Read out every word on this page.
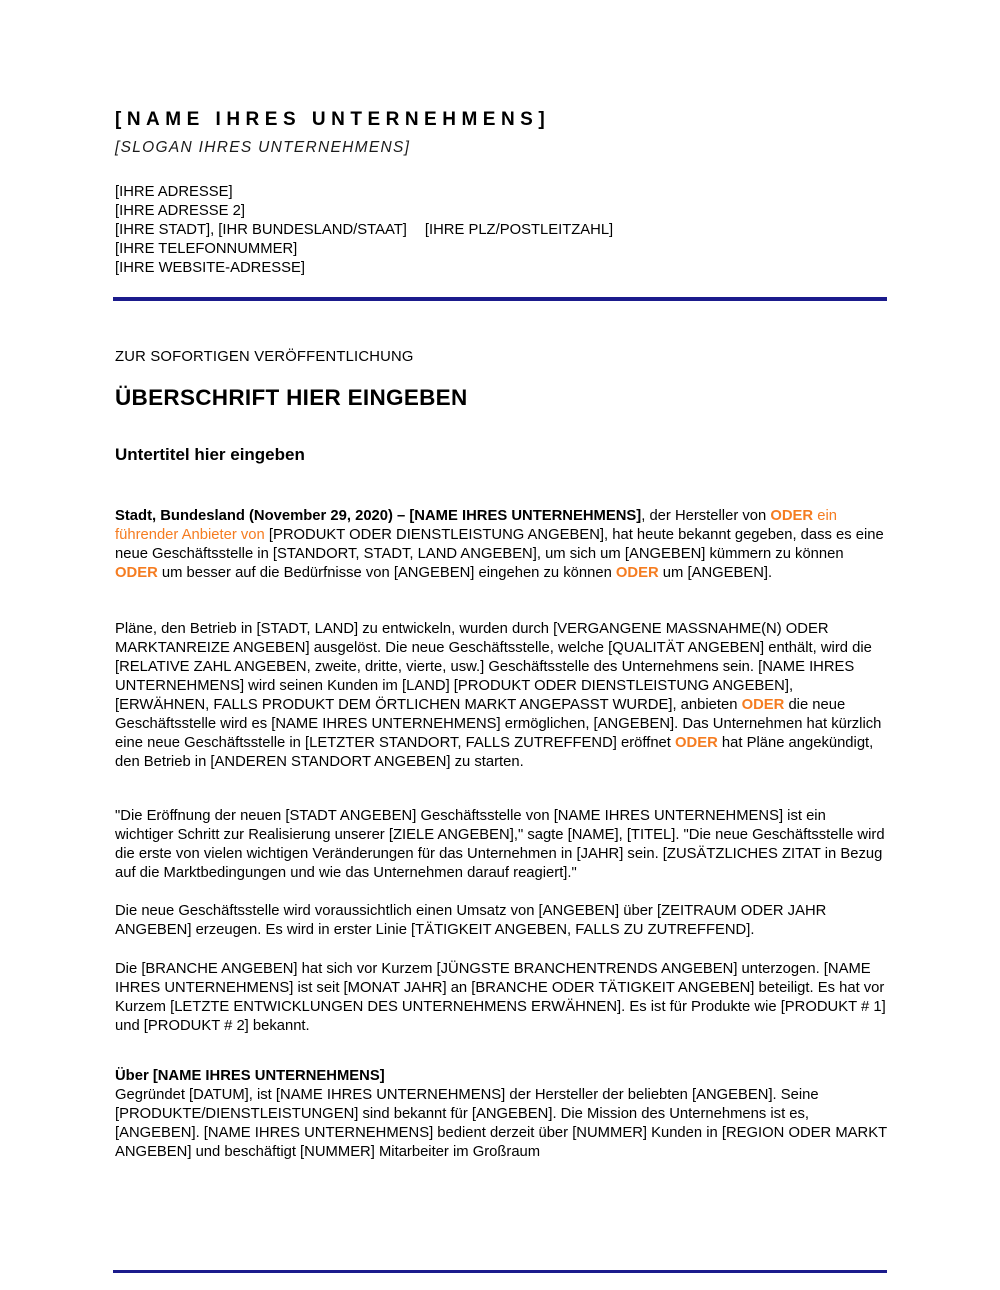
[NAME IHRES UNTERNEHMENS]
[SLOGAN IHRES UNTERNEHMENS]
[IHRE ADRESSE]
[IHRE ADRESSE 2]
[IHRE STADT], [IHR BUNDESLAND/STAAT] [IHRE PLZ/POSTLEITZAHL]
[IHRE TELEFONNUMMER]
[IHRE WEBSITE-ADRESSE]
ZUR SOFORTIGEN VERÖFFENTLICHUNG
ÜBERSCHRIFT HIER EINGEBEN
Untertitel hier eingeben
Stadt, Bundesland (November 29, 2020) – [NAME IHRES UNTERNEHMENS], der Hersteller von ODER ein führender Anbieter von [PRODUKT ODER DIENSTLEISTUNG ANGEBEN], hat heute bekannt gegeben, dass es eine neue Geschäftsstelle in [STANDORT, STADT, LAND ANGEBEN], um sich um [ANGEBEN] kümmern zu können ODER um besser auf die Bedürfnisse von [ANGEBEN] eingehen zu können ODER um [ANGEBEN].
Pläne, den Betrieb in [STADT, LAND] zu entwickeln, wurden durch [VERGANGENE MASSNAHME(N) ODER MARKTANREIZE ANGEBEN] ausgelöst. Die neue Geschäftsstelle, welche [QUALITÄT ANGEBEN] enthält, wird die [RELATIVE ZAHL ANGEBEN, zweite, dritte, vierte, usw.] Geschäftsstelle des Unternehmens sein. [NAME IHRES UNTERNEHMENS] wird seinen Kunden im [LAND] [PRODUKT ODER DIENSTLEISTUNG ANGEBEN], [ERWÄHNEN, FALLS PRODUKT DEM ÖRTLICHEN MARKT ANGEPASST WURDE], anbieten ODER die neue Geschäftsstelle wird es [NAME IHRES UNTERNEHMENS] ermöglichen, [ANGEBEN]. Das Unternehmen hat kürzlich eine neue Geschäftsstelle in [LETZTER STANDORT, FALLS ZUTREFFEND] eröffnet ODER hat Pläne angekündigt, den Betrieb in [ANDEREN STANDORT ANGEBEN] zu starten.
"Die Eröffnung der neuen [STADT ANGEBEN] Geschäftsstelle von [NAME IHRES UNTERNEHMENS] ist ein wichtiger Schritt zur Realisierung unserer [ZIELE ANGEBEN]," sagte [NAME], [TITEL]. "Die neue Geschäftsstelle wird die erste von vielen wichtigen Veränderungen für das Unternehmen in [JAHR] sein. [ZUSÄTZLICHES ZITAT in Bezug auf die Marktbedingungen und wie das Unternehmen darauf reagiert]."
Die neue Geschäftsstelle wird voraussichtlich einen Umsatz von [ANGEBEN] über [ZEITRAUM ODER JAHR ANGEBEN] erzeugen. Es wird in erster Linie [TÄTIGKEIT ANGEBEN, FALLS ZU ZUTREFFEND].
Die [BRANCHE ANGEBEN] hat sich vor Kurzem [JÜNGSTE BRANCHENTRENDS ANGEBEN] unterzogen. [NAME IHRES UNTERNEHMENS] ist seit [MONAT JAHR] an [BRANCHE ODER TÄTIGKEIT ANGEBEN] beteiligt. Es hat vor Kurzem [LETZTE ENTWICKLUNGEN DES UNTERNEHMENS ERWÄHNEN]. Es ist für Produkte wie [PRODUKT # 1] und [PRODUKT # 2] bekannt.
Über [NAME IHRES UNTERNEHMENS]
Gegründet [DATUM], ist [NAME IHRES UNTERNEHMENS] der Hersteller der beliebten [ANGEBEN]. Seine [PRODUKTE/DIENSTLEISTUNGEN] sind bekannt für [ANGEBEN]. Die Mission des Unternehmens ist es, [ANGEBEN]. [NAME IHRES UNTERNEHMENS] bedient derzeit über [NUMMER] Kunden in [REGION ODER MARKT ANGEBEN] und beschäftigt [NUMMER] Mitarbeiter im Großraum
